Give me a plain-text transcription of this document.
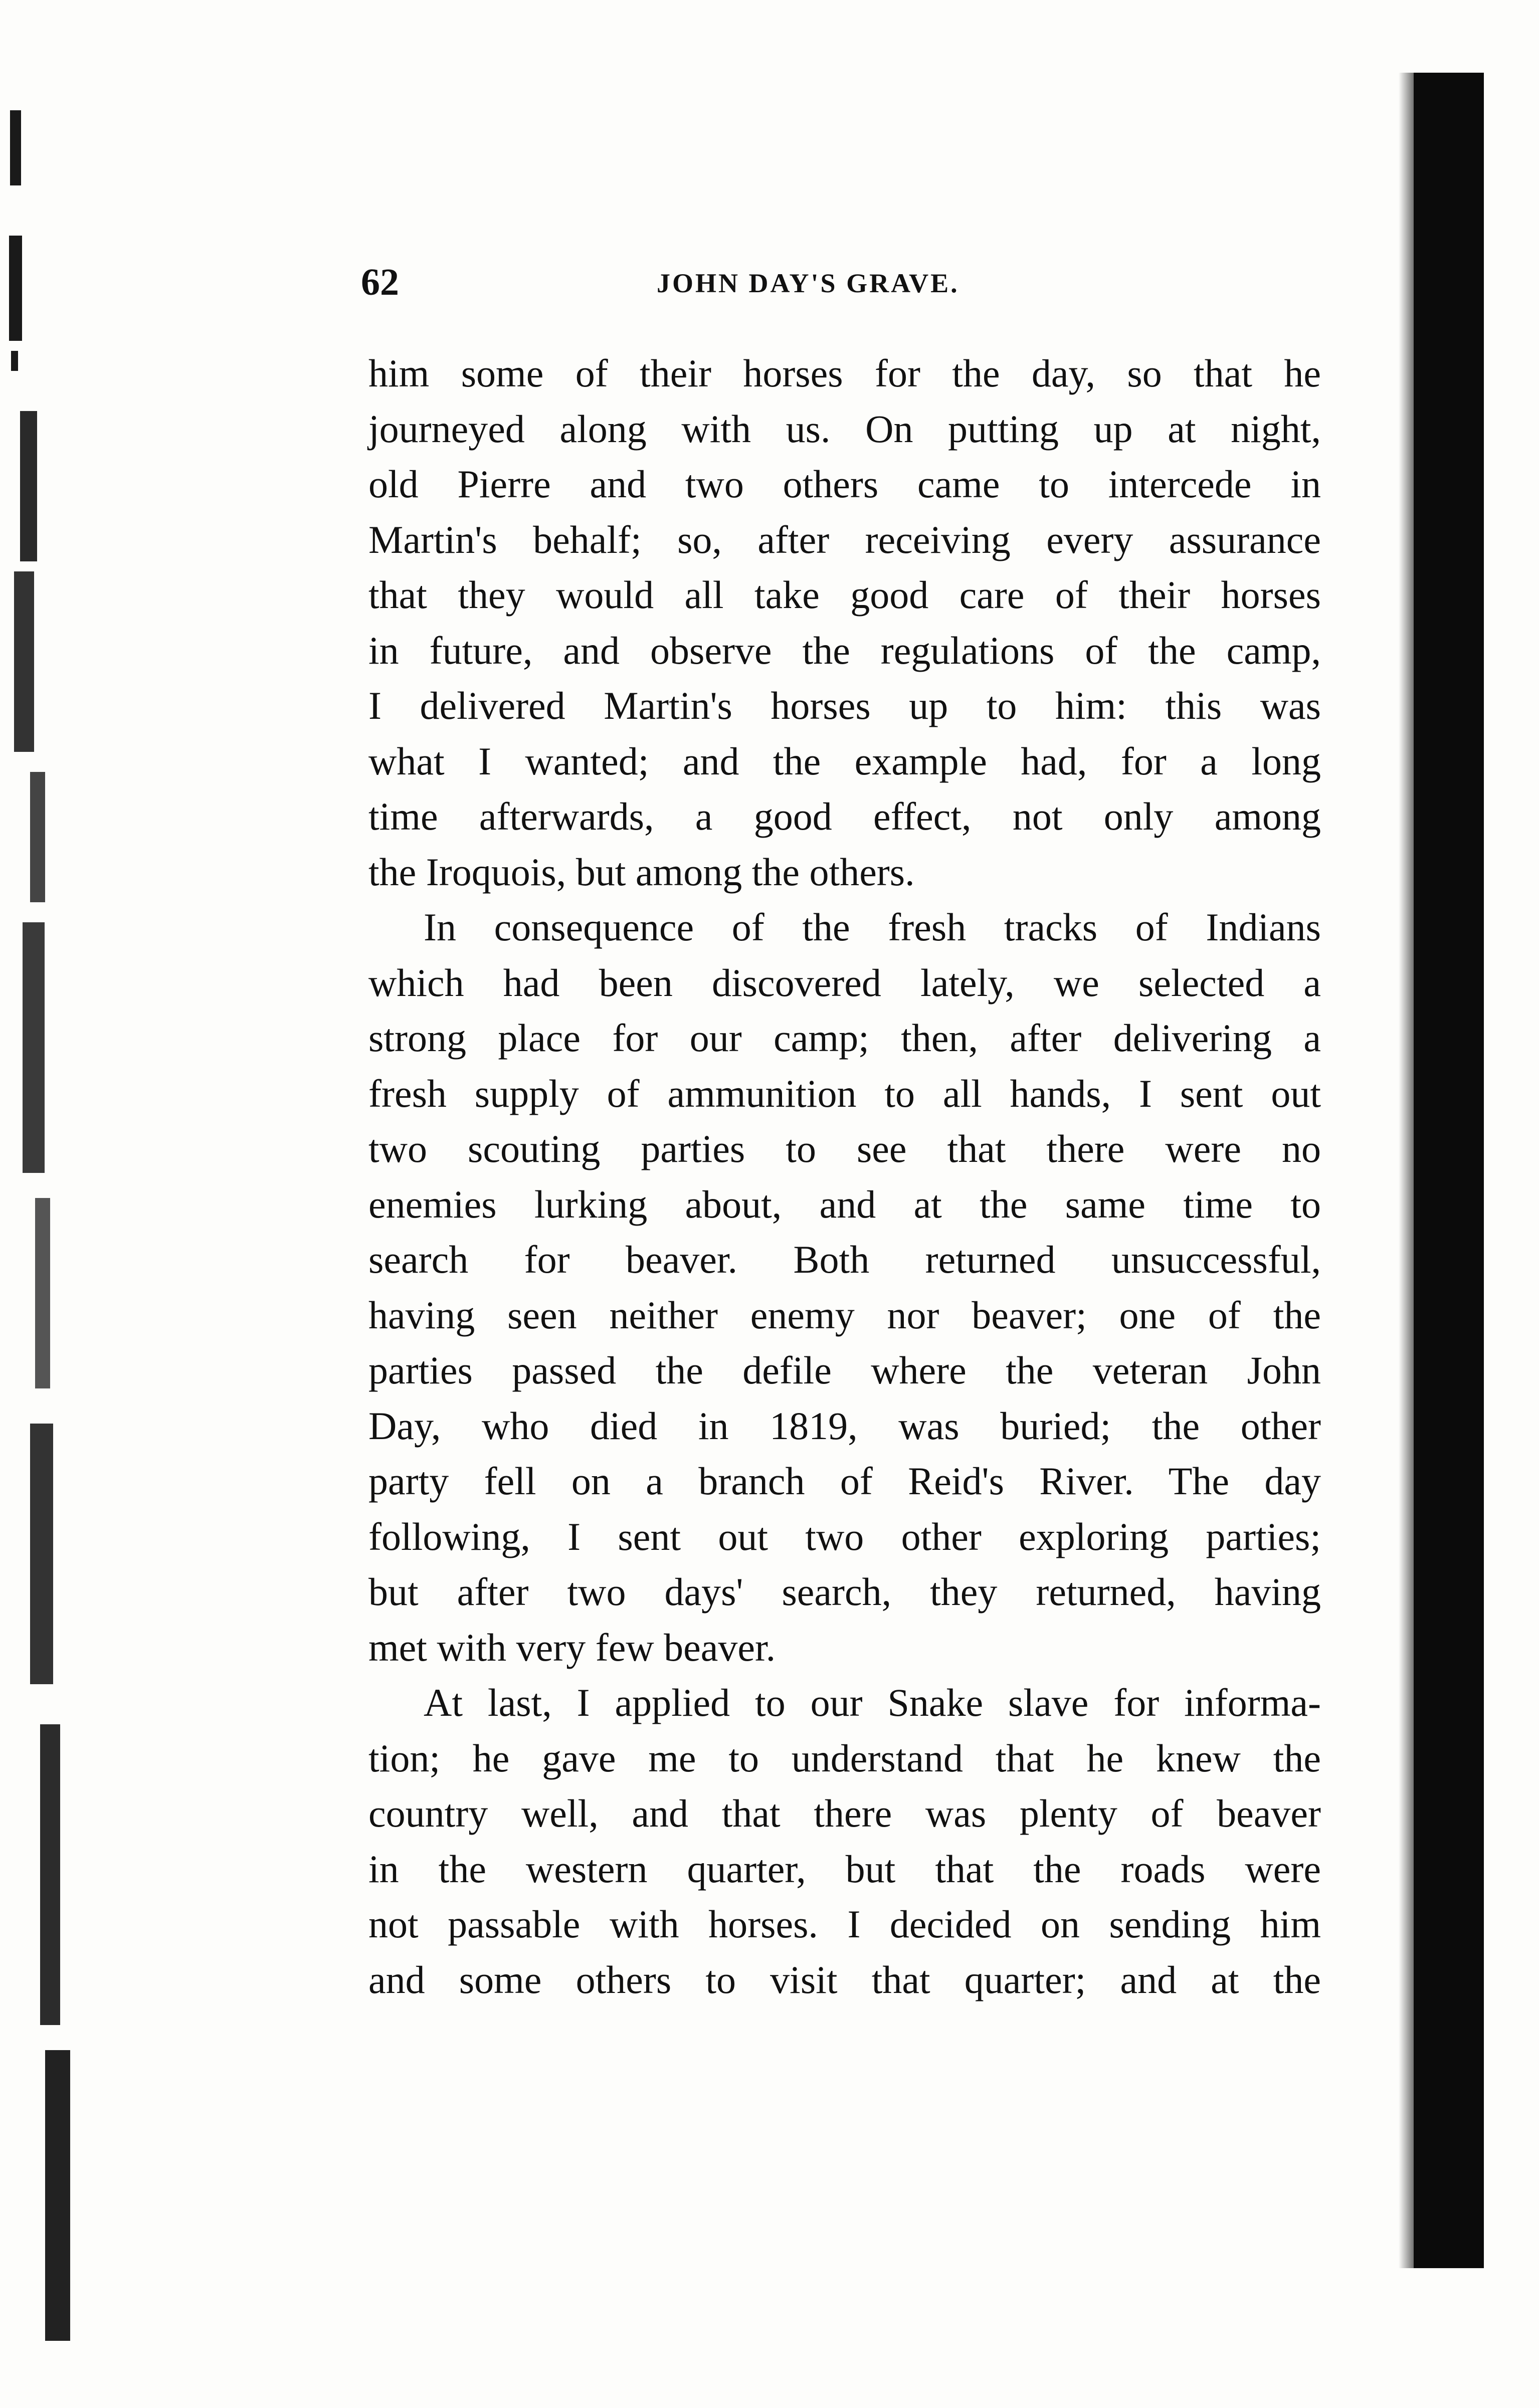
62	JOHN DAY'S GRAVE.
him some of their horses for the day, so that he
journeyed along with us. On putting up at night,
old Pierre and two others came to intercede in
Martin's behalf; so, after receiving every assurance
that they would all take good care of their horses
in future, and observe the regulations of the camp,
I delivered Martin's horses up to him: this was
what I wanted; and the example had, for a long
time afterwards, a good effect, not only among
the Iroquois, but among the others.
In consequence of the fresh tracks of Indians
which had been discovered lately, we selected a
strong place for our camp; then, after delivering a
fresh supply of ammunition to all hands, I sent out
two scouting parties to see that there were no
enemies lurking about, and at the same time to
search for beaver. Both returned unsuccessful,
having seen neither enemy nor beaver; one of the
parties passed the defile where the veteran John
Day, who died in 1819, was buried; the other
party fell on a branch of Reid's River. The day
following, I sent out two other exploring parties;
but after two days' search, they returned, having
met with very few beaver.
At last, I applied to our Snake slave for informa-
tion; he gave me to understand that he knew the
country well, and that there was plenty of beaver
in the western quarter, but that the roads were
not passable with horses. I decided on sending him
and some others to visit that quarter; and at the
